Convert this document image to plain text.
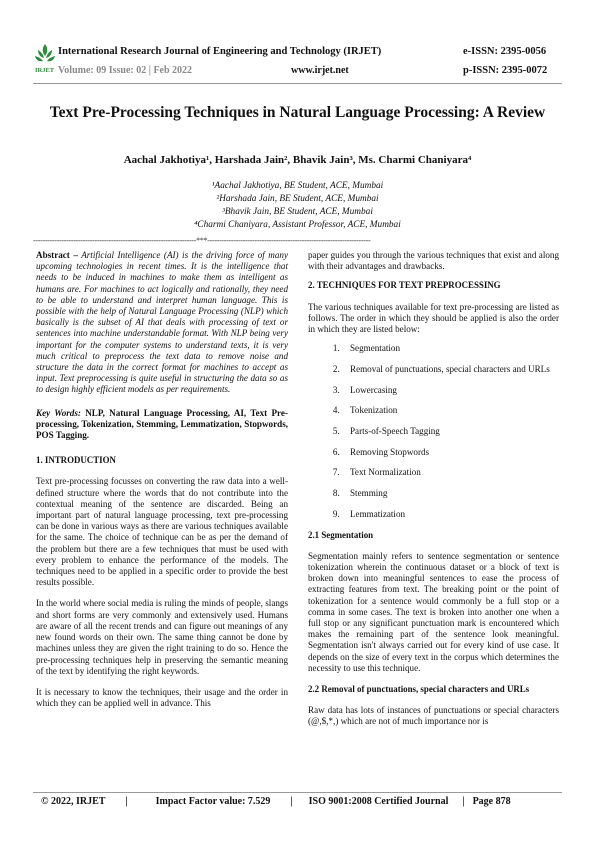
IRJET
International Research Journal of Engineering and Technology (IRJET)
Volume: 09 Issue: 02 | Feb 2022	www.irjet.net
e-ISSN: 2395-0056
p-ISSN: 2395-0072
Text Pre-Processing Techniques in Natural Language Processing: A Review
Aachal Jakhotiya¹, Harshada Jain², Bhavik Jain³, Ms. Charmi Chaniyara⁴
¹Aachal Jakhotiya, BE Student, ACE, Mumbai
²Harshada Jain, BE Student, ACE, Mumbai
³Bhavik Jain, BE Student, ACE, Mumbai
⁴Charmi Chaniyara, Assistant Professor, ACE, Mumbai
---------------------------------------------------------------------***---------------------------------------------------------------------

Abstract – Artificial Intelligence (AI) is the driving force of many upcoming technologies in recent times. It is the intelligence that needs to be induced in machines to make them as intelligent as humans are. For machines to act logically and rationally, they need to be able to understand and interpret human language. This is possible with the help of Natural Language Processing (NLP) which basically is the subset of AI that deals with processing of text or sentences into machine understandable format. With NLP being very important for the computer systems to understand texts, it is very much critical to preprocess the text data to remove noise and structure the data in the correct format for machines to accept as input. Text preprocessing is quite useful in structuring the data so as to design highly efficient models as per requirements.

Key Words: NLP, Natural Language Processing, AI, Text Pre-processing, Tokenization, Stemming, Lemmatization, Stopwords, POS Tagging.

1. INTRODUCTION

Text pre-processing focusses on converting the raw data into a well-defined structure where the words that do not contribute into the contextual meaning of the sentence are discarded. Being an important part of natural language processing, text pre-processing can be done in various ways as there are various techniques available for the same. The choice of technique can be as per the demand of the problem but there are a few techniques that must be used with every problem to enhance the performance of the models. The techniques need to be applied in a specific order to provide the best results possible.

In the world where social media is ruling the minds of people, slangs and short forms are very commonly and extensively used. Humans are aware of all the recent trends and can figure out meanings of any new found words on their own. The same thing cannot be done by machines unless they are given the right training to do so. Hence the pre-processing techniques help in preserving the semantic meaning of the text by identifying the right keywords.

It is necessary to know the techniques, their usage and the order in which they can be applied well in advance. This

paper guides you through the various techniques that exist and along with their advantages and drawbacks.

2. TECHNIQUES FOR TEXT PREPROCESSING

The various techniques available for text pre-processing are listed as follows. The order in which they should be applied is also the order in which they are listed below:

1. Segmentation
2. Removal of punctuations, special characters and URLs
3. Lowercasing
4. Tokenization
5. Parts-of-Speech Tagging
6. Removing Stopwords
7. Text Normalization
8. Stemming
9. Lemmatization
2.1 Segmentation

Segmentation mainly refers to sentence segmentation or sentence tokenization wherein the continuous dataset or a block of text is broken down into meaningful sentences to ease the process of extracting features from text. The breaking point or the point of tokenization for a sentence would commonly be a full stop or a comma in some cases. The text is broken into another one when a full stop or any significant punctuation mark is encountered which makes the remaining part of the sentence look meaningful. Segmentation isn't always carried out for every kind of use case. It depends on the size of every text in the corpus which determines the necessity to use this technique.

2.2 Removal of punctuations, special characters and URLs

Raw data has lots of instances of punctuations or special characters (@,$,*,) which are not of much importance nor is

© 2022, IRJET |	Impact Factor value: 7.529 | ISO 9001:2008 Certified Journal | Page 878
